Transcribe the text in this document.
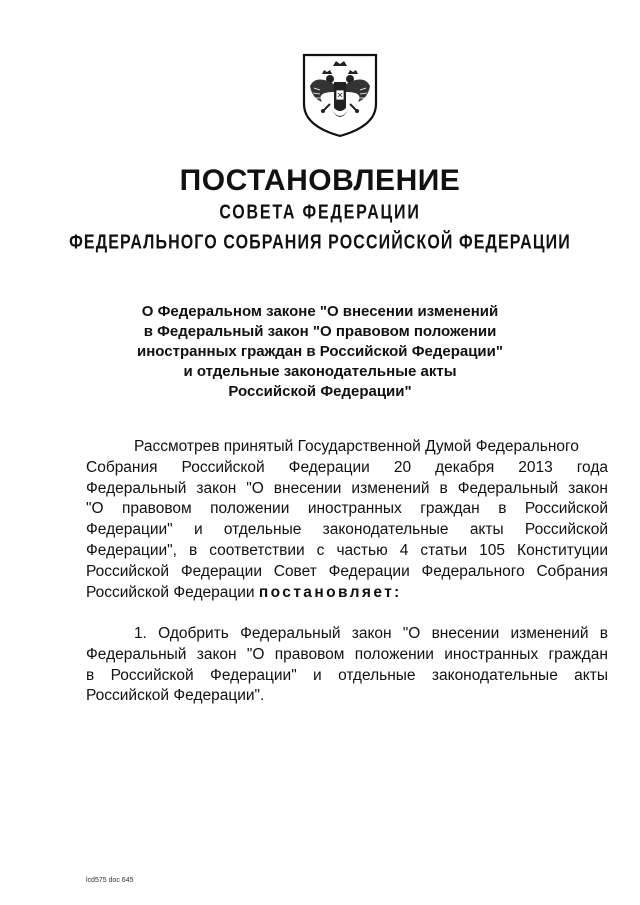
ПОСТАНОВЛЕНИЕ
СОВЕТА ФЕДЕРАЦИИ
ФЕДЕРАЛЬНОГО СОБРАНИЯ РОССИЙСКОЙ ФЕДЕРАЦИИ
О Федеральном законе "О внесении изменений
в Федеральный закон "О правовом положении
иностранных граждан в Российской Федерации"
и отдельные законодательные акты
Российской Федерации"
Рассмотрев принятый Государственной Думой Федерального
Собрания Российской Федерации 20 декабря 2013 года
Федеральный закон "О внесении изменений в Федеральный закон
"О правовом положении иностранных граждан в Российской
Федерации" и отдельные законодательные акты Российской
Федерации", в соответствии с частью 4 статьи 105 Конституции
Российской Федерации Совет Федерации Федерального Собрания
Российской Федерации постановляет:
1. Одобрить Федеральный закон "О внесении изменений в
Федеральный закон "О правовом положении иностранных граждан
в Российской Федерации" и отдельные законодательные акты
Российской Федерации".
lcd575 doc 645
